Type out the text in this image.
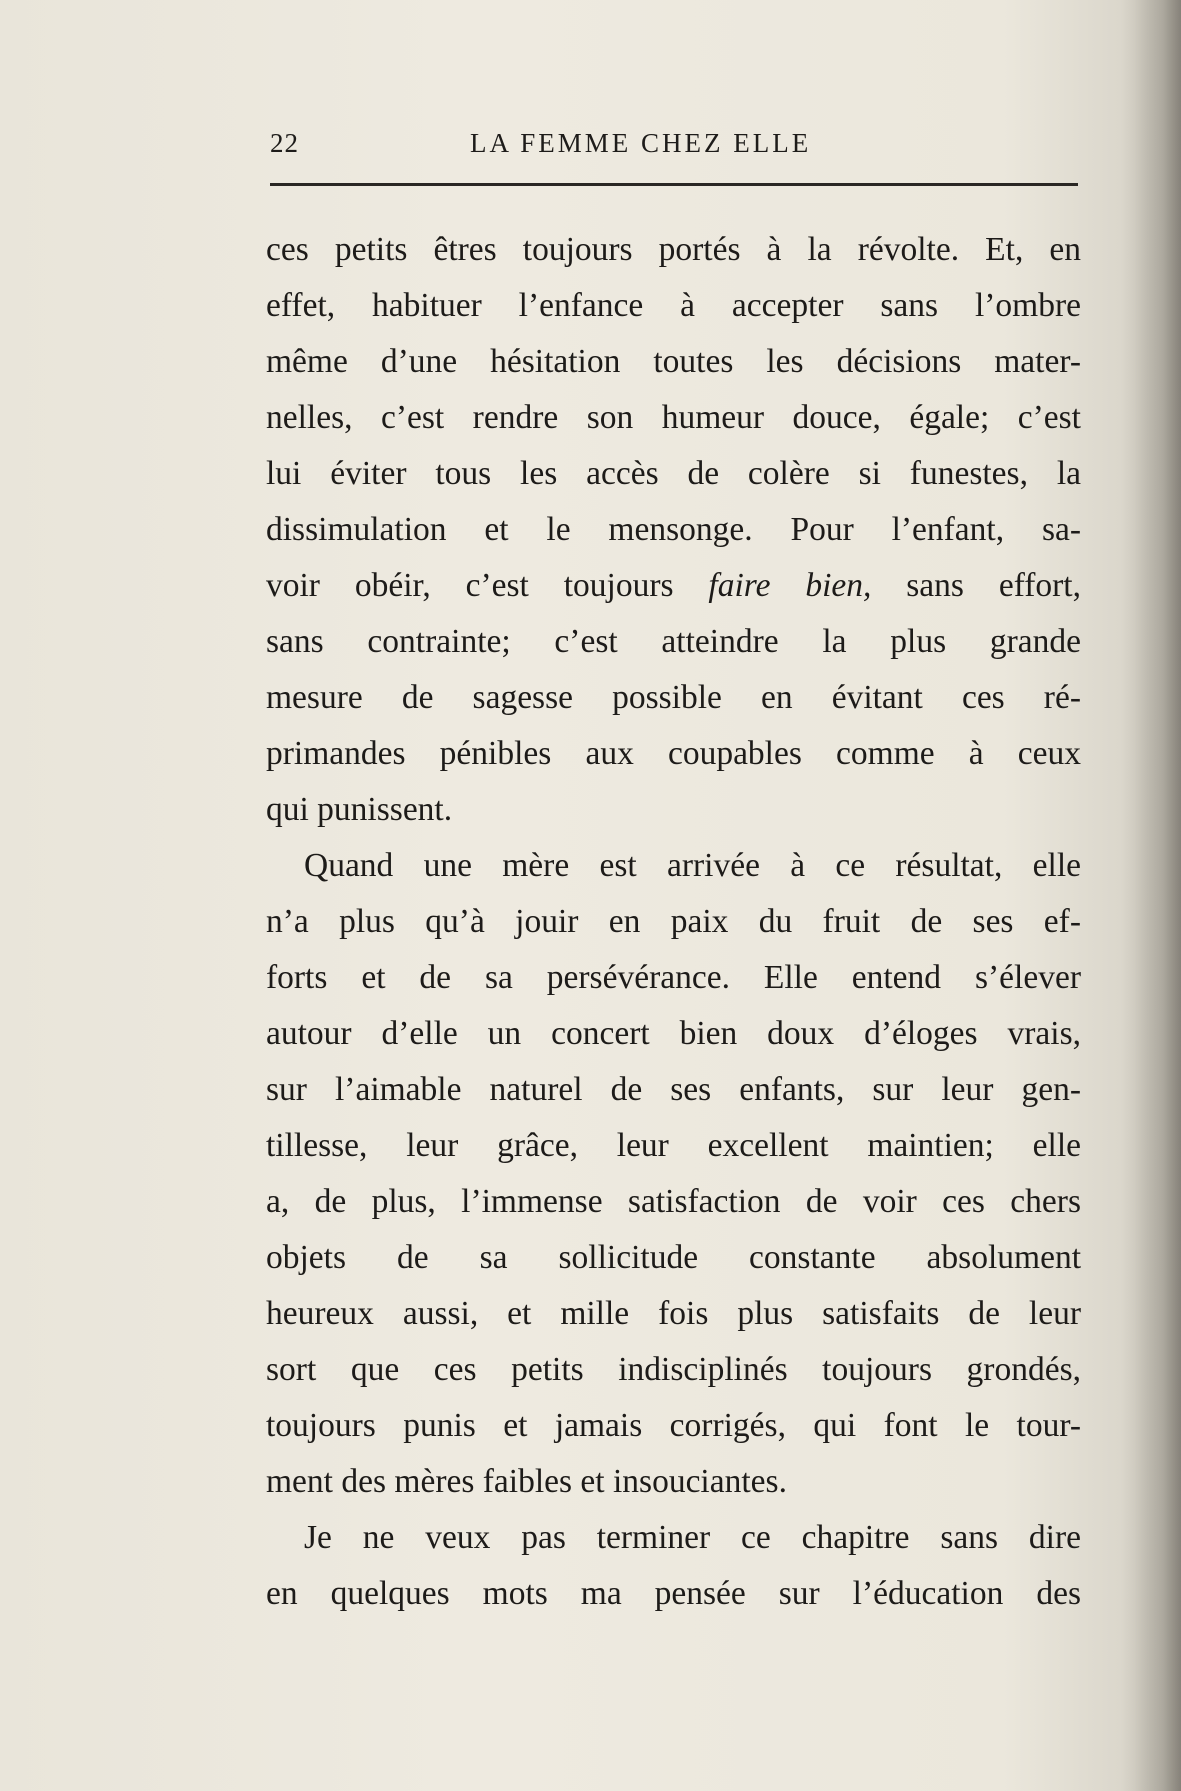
22	LA FEMME CHEZ ELLE
ces petits êtres toujours portés à la révolte. Et, en
effet, habituer l’enfance à accepter sans l’ombre
même d’une hésitation toutes les décisions mater-
nelles, c’est rendre son humeur douce, égale; c’est
lui éviter tous les accès de colère si funestes, la
dissimulation et le mensonge. Pour l’enfant, sa-
voir obéir, c’est toujours faire bien, sans effort,
sans contrainte; c’est atteindre la plus grande
mesure de sagesse possible en évitant ces ré-
primandes pénibles aux coupables comme à ceux
qui punissent.
Quand une mère est arrivée à ce résultat, elle
n’a plus qu’à jouir en paix du fruit de ses ef-
forts et de sa persévérance. Elle entend s’élever
autour d’elle un concert bien doux d’éloges vrais,
sur l’aimable naturel de ses enfants, sur leur gen-
tillesse, leur grâce, leur excellent maintien; elle
a, de plus, l’immense satisfaction de voir ces chers
objets de sa sollicitude constante absolument
heureux aussi, et mille fois plus satisfaits de leur
sort que ces petits indisciplinés toujours grondés,
toujours punis et jamais corrigés, qui font le tour-
ment des mères faibles et insouciantes.
Je ne veux pas terminer ce chapitre sans dire
en quelques mots ma pensée sur l’éducation des
